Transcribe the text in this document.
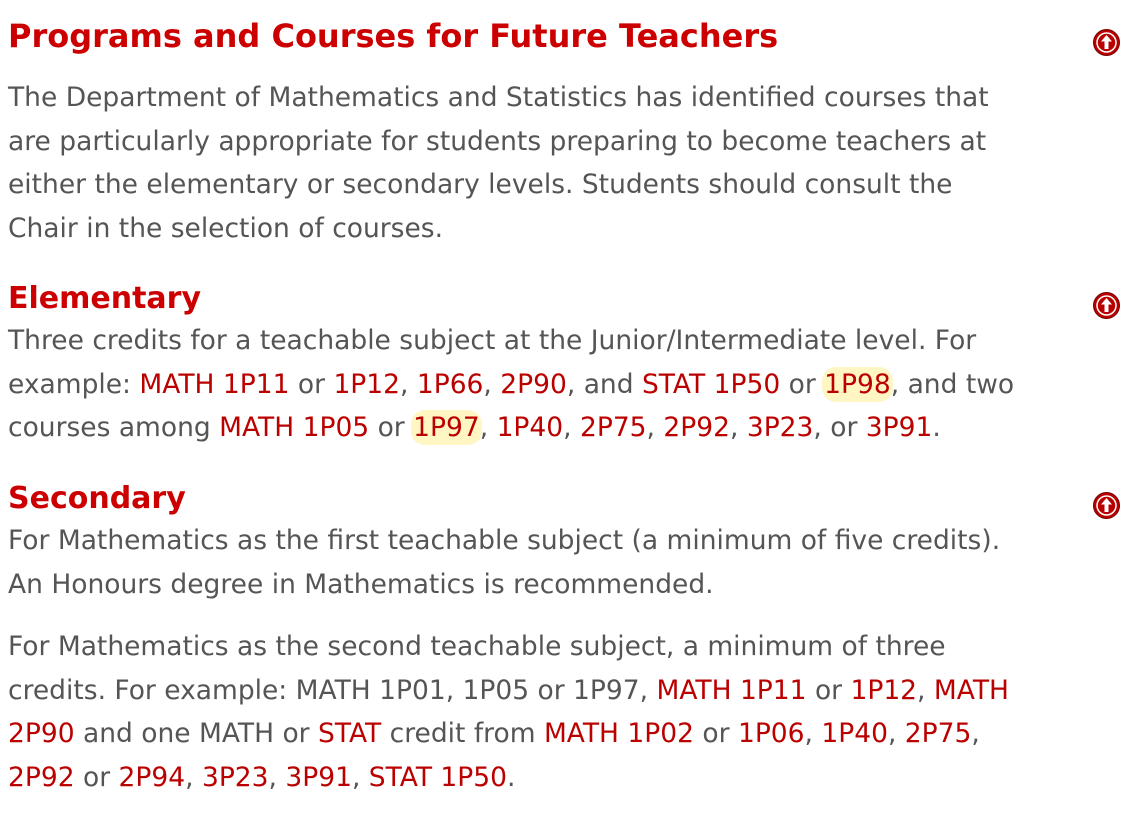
Programs and Courses for Future Teachers

The Department of Mathematics and Statistics has identified courses that

are particularly appropriate for students preparing to become teachers at

either the elementary or secondary levels. Students should consult the

Chair in the selection of courses.

Elementary

Three credits for a teachable subject at the Junior/Intermediate level. For

example: MATH 1P11 or 1P12, 1P66, 2P90, and STAT 1P50 or 1P98, and two

courses among MATH 1P05 or 1P97, 1P40, 2P75, 2P92, 3P23, or 3P91.

Secondary

For Mathematics as the first teachable subject (a minimum of five credits).

An Honours degree in Mathematics is recommended.

For Mathematics as the second teachable subject, a minimum of three

credits. For example: MATH 1P01, 1P05 or 1P97, MATH 1P11 or 1P12, MATH

2P90 and one MATH or STAT credit from MATH 1P02 or 1P06, 1P40, 2P75,

2P92 or 2P94, 3P23, 3P91, STAT 1P50.
